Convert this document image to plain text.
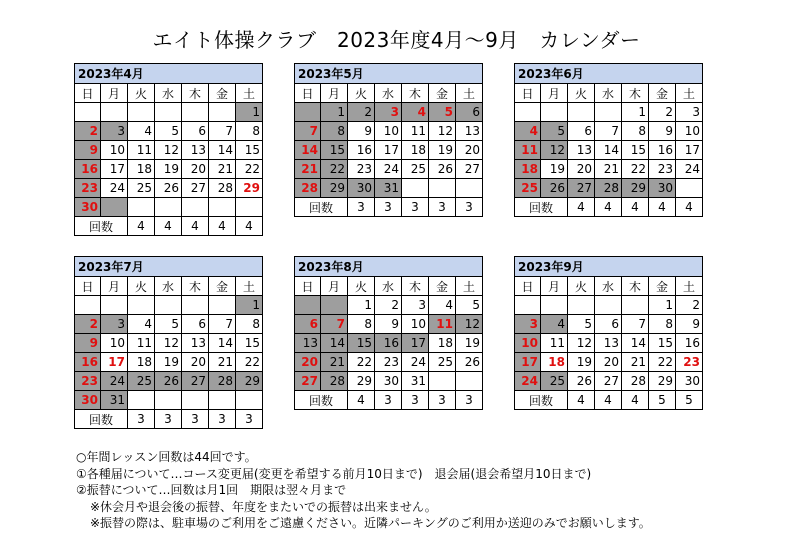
エイト体操クラブ　2023年度4月～9月　カレンダー
2023年4月						
日	月	火	水	木	金	土
						1
2	3	4	5	6	7	8
9	10	11	12	13	14	15
16	17	18	19	20	21	22
23	24	25	26	27	28	29
30						
回数		4	4	4	4	4
2023年5月						
日	月	火	水	木	金	土
	1	2	3	4	5	6
7	8	9	10	11	12	13
14	15	16	17	18	19	20
21	22	23	24	25	26	27
28	29	30	31			
回数		3	3	3	3	3
2023年6月						
日	月	火	水	木	金	土
				1	2	3
4	5	6	7	8	9	10
11	12	13	14	15	16	17
18	19	20	21	22	23	24
25	26	27	28	29	30	
回数		4	4	4	4	4
2023年7月						
日	月	火	水	木	金	土
						1
2	3	4	5	6	7	8
9	10	11	12	13	14	15
16	17	18	19	20	21	22
23	24	25	26	27	28	29
30	31					
回数		3	3	3	3	3
2023年8月						
日	月	火	水	木	金	土
		1	2	3	4	5
6	7	8	9	10	11	12
13	14	15	16	17	18	19
20	21	22	23	24	25	26
27	28	29	30	31		
回数		4	3	3	3	3
2023年9月						
日	月	火	水	木	金	土
					1	2
3	4	5	6	7	8	9
10	11	12	13	14	15	16
17	18	19	20	21	22	23
24	25	26	27	28	29	30
回数		4	4	4	5	5
○年間レッスン回数は44回です。
①各種届について…コース変更届(変更を希望する前月10日まで)　退会届(退会希望月10日まで)
②振替について…回数は月1回　期限は翌々月まで
※休会月や退会後の振替、年度をまたいでの振替は出来ません。
※振替の際は、駐車場のご利用をご遠慮ください。近隣パーキングのご利用か送迎のみでお願いします。
